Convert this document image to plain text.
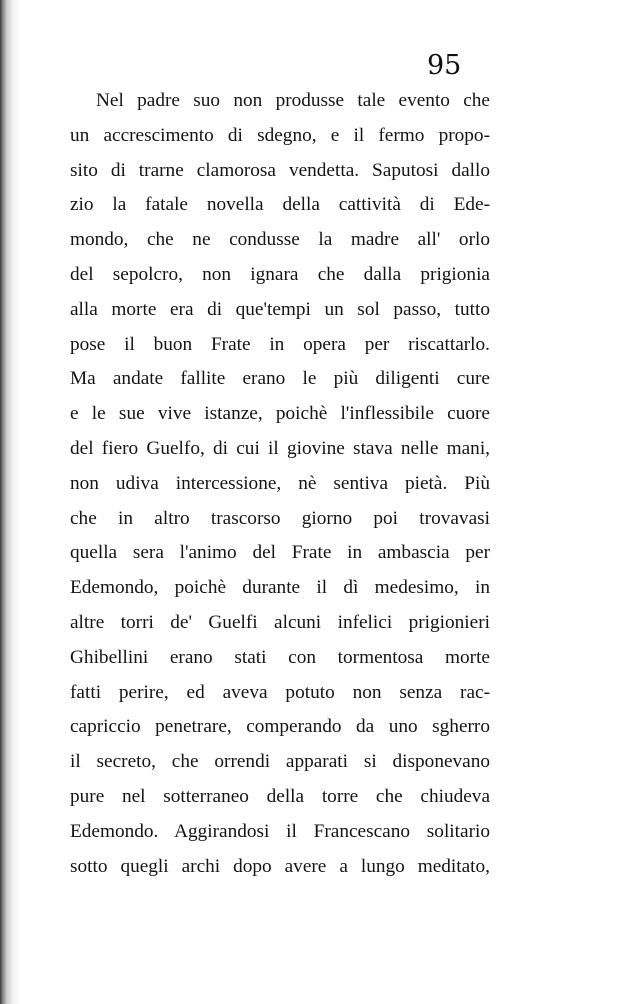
95
Nel padre suo non produsse tale evento che
un accrescimento di sdegno, e il fermo propo-
sito di trarne clamorosa vendetta. Saputosi dallo
zio la fatale novella della cattività di Ede-
mondo, che ne condusse la madre all' orlo
del sepolcro, non ignara che dalla prigionia
alla morte era di que'tempi un sol passo, tutto
pose il buon Frate in opera per riscattarlo.
Ma andate fallite erano le più diligenti cure
e le sue vive istanze, poichè l'inflessibile cuore
del fiero Guelfo, di cui il giovine stava nelle mani,
non udiva intercessione, nè sentiva pietà. Più
che in altro trascorso giorno poi trovavasi
quella sera l'animo del Frate in ambascia per
Edemondo, poichè durante il dì medesimo, in
altre torri de' Guelfi alcuni infelici prigionieri
Ghibellini erano stati con tormentosa morte
fatti perire, ed aveva potuto non senza rac-
capriccio penetrare, comperando da uno sgherro
il secreto, che orrendi apparati si disponevano
pure nel sotterraneo della torre che chiudeva
Edemondo. Aggirandosi il Francescano solitario
sotto quegli archi dopo avere a lungo meditato,
